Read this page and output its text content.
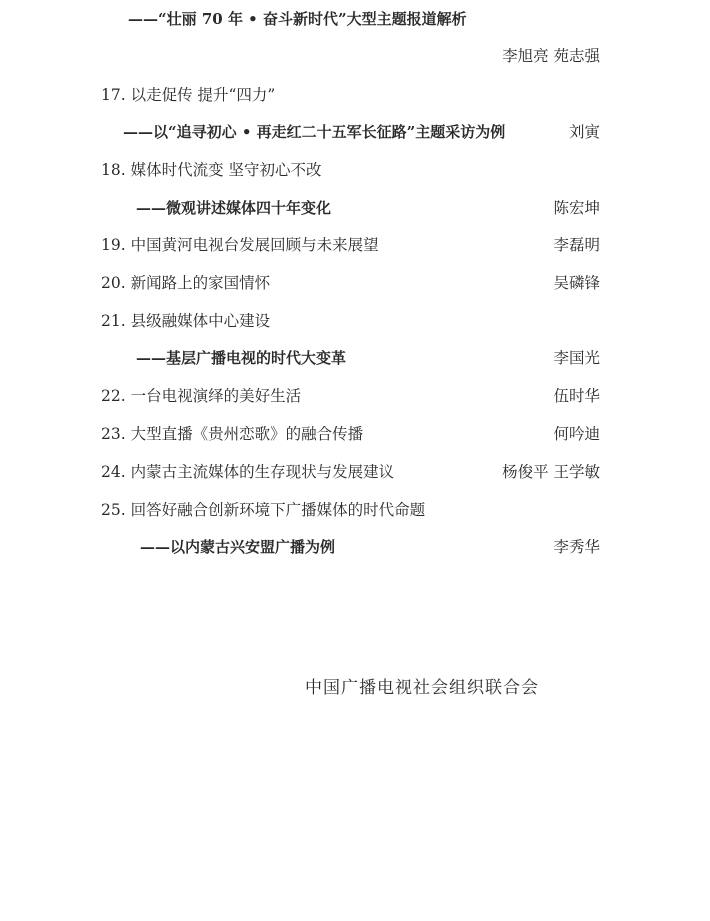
——“壮丽 70 年 • 奋斗新时代”大型主题报道解析
李旭亮 苑志强
17. 以走促传 提升“四力”
——以“追寻初心 • 再走红二十五军长征路”主题采访为例	刘寅
18. 媒体时代流变 坚守初心不改
——微观讲述媒体四十年变化	陈宏坤
19. 中国黄河电视台发展回顾与未来展望	李磊明
20. 新闻路上的家国情怀	吴磷锋
21. 县级融媒体中心建设
——基层广播电视的时代大变革	李国光
22. 一台电视演绎的美好生活	伍时华
23. 大型直播《贵州恋歌》的融合传播	何吟迪
24. 内蒙古主流媒体的生存现状与发展建议	杨俊平 王学敏
25. 回答好融合创新环境下广播媒体的时代命题
——以内蒙古兴安盟广播为例	李秀华
中国广播电视社会组织联合会
